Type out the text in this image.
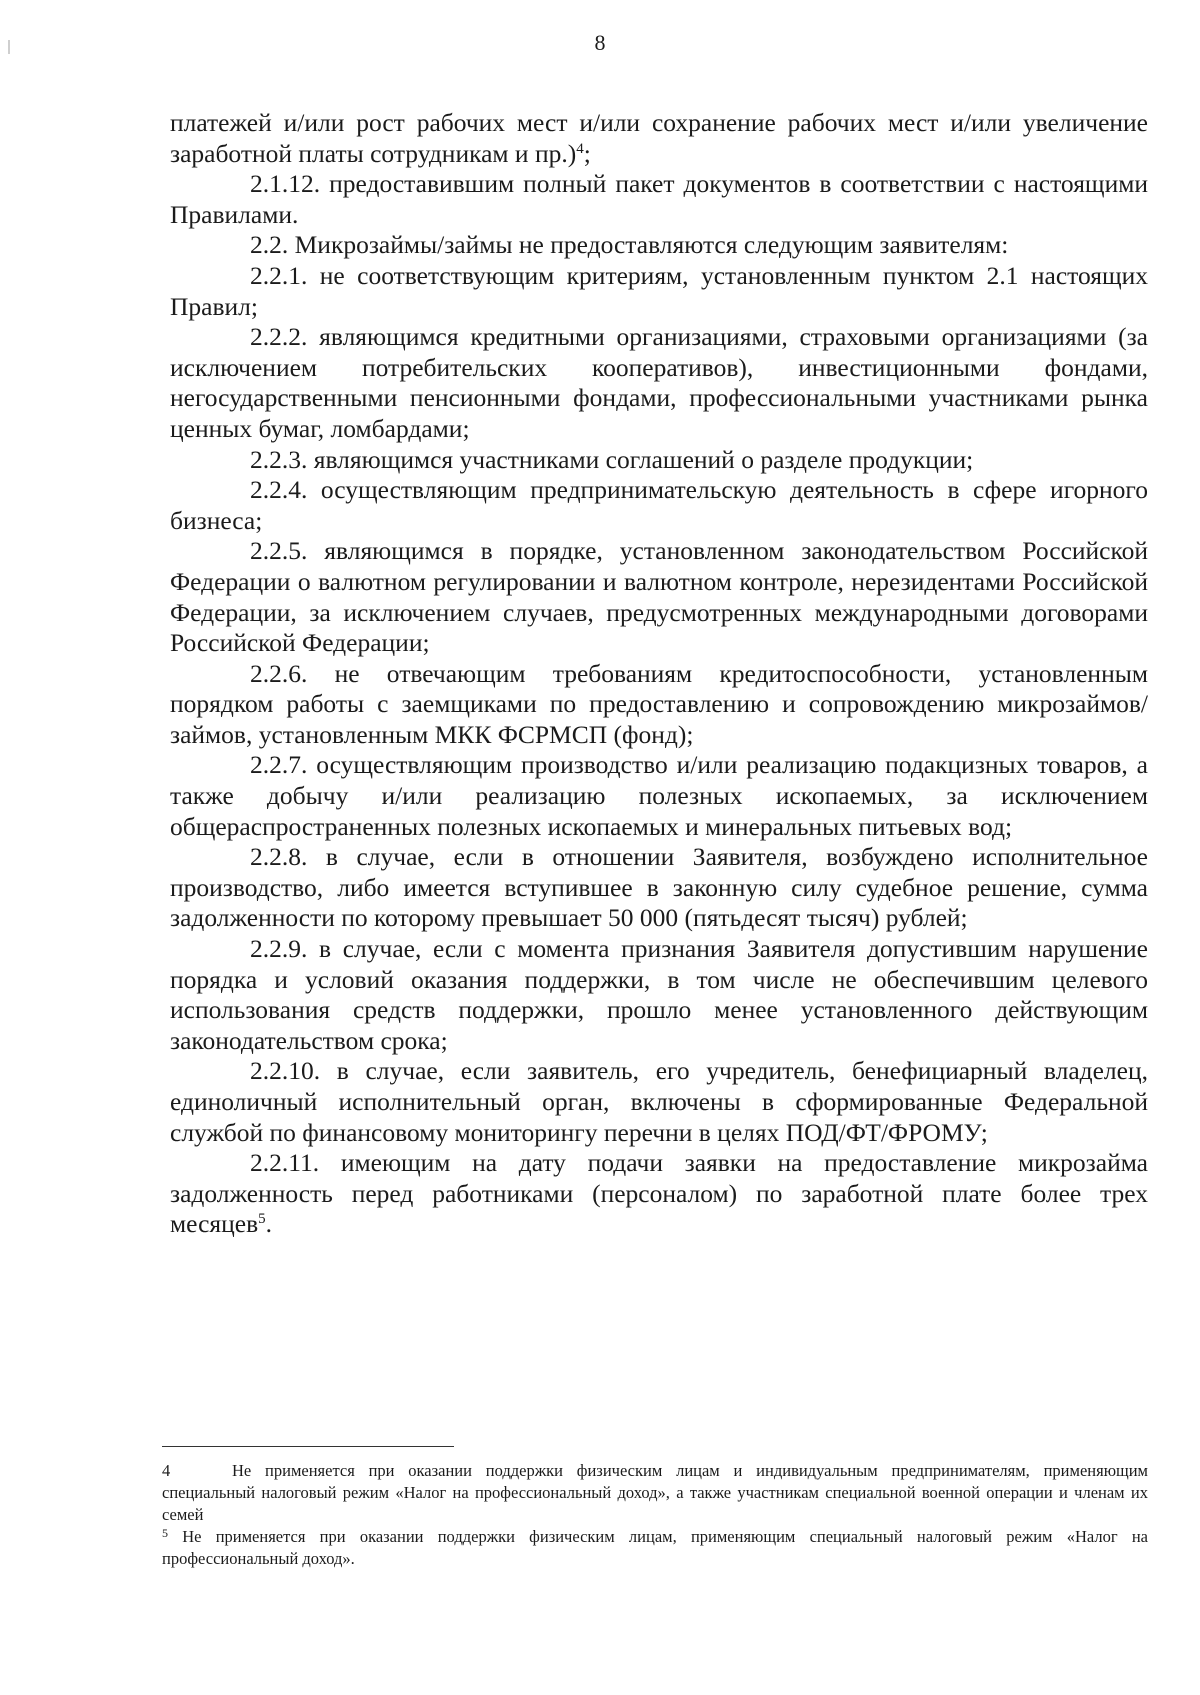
8

платежей и/или рост рабочих мест и/или сохранение рабочих мест и/или увеличение заработной платы сотрудникам и пр.)$^4$;

2.1.12. предоставившим полный пакет документов в соответствии с настоящими Правилами.

2.2. Микрозаймы/займы не предоставляются следующим заявителям:

2.2.1. не соответствующим критериям, установленным пунктом 2.1 настоящих Правил;

2.2.2. являющимся кредитными организациями, страховыми организациями (за исключением потребительских кооперативов), инвестиционными фондами, негосударственными пенсионными фондами, профессиональными участниками рынка ценных бумаг, ломбардами;

2.2.3. являющимся участниками соглашений о разделе продукции;

2.2.4. осуществляющим предпринимательскую деятельность в сфере игорного бизнеса;

2.2.5. являющимся в порядке, установленном законодательством Российской Федерации о валютном регулировании и валютном контроле, нерезидентами Российской Федерации, за исключением случаев, предусмотренных международными договорами Российской Федерации;

2.2.6. не отвечающим требованиям кредитоспособности, установленным порядком работы с заемщиками по предоставлению и сопровождению микрозаймов/займов, установленным МКК ФСРМСП (фонд);

2.2.7. осуществляющим производство и/или реализацию подакцизных товаров, а также добычу и/или реализацию полезных ископаемых, за исключением общераспространенных полезных ископаемых и минеральных питьевых вод;

2.2.8. в случае, если в отношении Заявителя, возбуждено исполнительное производство, либо имеется вступившее в законную силу судебное решение, сумма задолженности по которому превышает 50 000 (пятьдесят тысяч) рублей;

2.2.9. в случае, если с момента признания Заявителя допустившим нарушение порядка и условий оказания поддержки, в том числе не обеспечившим целевого использования средств поддержки, прошло менее установленного действующим законодательством срока;

2.2.10. в случае, если заявитель, его учредитель, бенефициарный владелец, единоличный исполнительный орган, включены в сформированные Федеральной службой по финансовому мониторингу перечни в целях ПОД/ФТ/ФРОМУ;

2.2.11. имеющим на дату подачи заявки на предоставление микрозайма задолженность перед работниками (персоналом) по заработной плате более трех месяцев$^5$.

4	Не применяется при оказании поддержки физическим лицам и индивидуальным предпринимателям, применяющим специальный налоговый режим «Налог на профессиональный доход», а также участникам специальной военной операции и членам их семей

$^5$ Не применяется при оказании поддержки физическим лицам, применяющим специальный налоговый режим «Налог на профессиональный доход».
